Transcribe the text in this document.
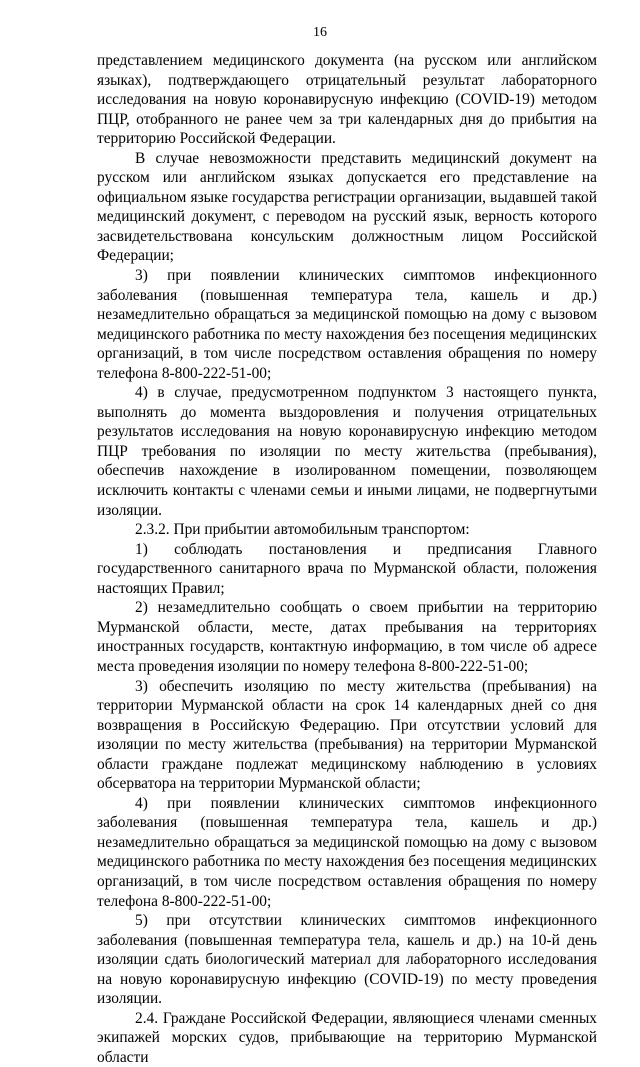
16

представлением медицинского документа (на русском или английском языках), подтверждающего отрицательный результат лабораторного исследования на новую коронавирусную инфекцию (COVID-19) методом ПЦР, отобранного не ранее чем за три календарных дня до прибытия на территорию Российской Федерации.

В случае невозможности представить медицинский документ на русском или английском языках допускается его представление на официальном языке государства регистрации организации, выдавшей такой медицинский документ, с переводом на русский язык, верность которого засвидетельствована консульским должностным лицом Российской Федерации;

3) при появлении клинических симптомов инфекционного заболевания (повышенная температура тела, кашель и др.) незамедлительно обращаться за медицинской помощью на дому с вызовом медицинского работника по месту нахождения без посещения медицинских организаций, в том числе посредством оставления обращения по номеру телефона 8-800-222-51-00;

4) в случае, предусмотренном подпунктом 3 настоящего пункта, выполнять до момента выздоровления и получения отрицательных результатов исследования на новую коронавирусную инфекцию методом ПЦР требования по изоляции по месту жительства (пребывания), обеспечив нахождение в изолированном помещении, позволяющем исключить контакты с членами семьи и иными лицами, не подвергнутыми изоляции.

2.3.2. При прибытии автомобильным транспортом:

1) соблюдать постановления и предписания Главного государственного санитарного врача по Мурманской области, положения настоящих Правил;

2) незамедлительно сообщать о своем прибытии на территорию Мурманской области, месте, датах пребывания на территориях иностранных государств, контактную информацию, в том числе об адресе места проведения изоляции по номеру телефона 8-800-222-51-00;

3) обеспечить изоляцию по месту жительства (пребывания) на территории Мурманской области на срок 14 календарных дней со дня возвращения в Российскую Федерацию. При отсутствии условий для изоляции по месту жительства (пребывания) на территории Мурманской области граждане подлежат медицинскому наблюдению в условиях обсерватора на территории Мурманской области;

4) при появлении клинических симптомов инфекционного заболевания (повышенная температура тела, кашель и др.) незамедлительно обращаться за медицинской помощью на дому с вызовом медицинского работника по месту нахождения без посещения медицинских организаций, в том числе посредством оставления обращения по номеру телефона 8-800-222-51-00;

5) при отсутствии клинических симптомов инфекционного заболевания (повышенная температура тела, кашель и др.) на 10-й день изоляции сдать биологический материал для лабораторного исследования на новую коронавирусную инфекцию (COVID-19) по месту проведения изоляции.

2.4. Граждане Российской Федерации, являющиеся членами сменных экипажей морских судов, прибывающие на территорию Мурманской области
